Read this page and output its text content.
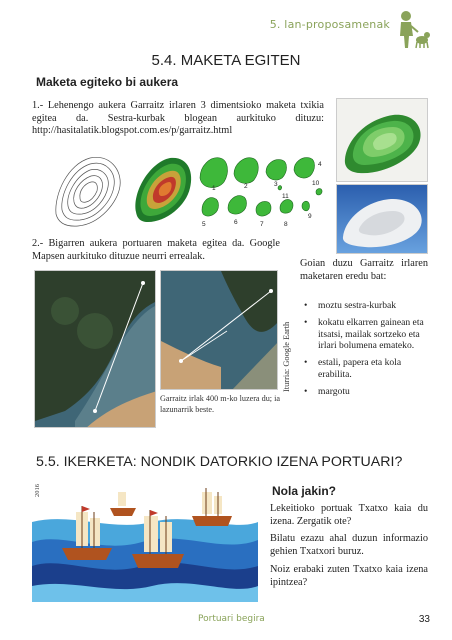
5. lan-proposamenak
5.4. MAKETA EGITEN
Maketa egiteko bi aukera
1.- Lehenengo aukera Garraitz irlaren 3 dimentsioko maketa txikia egitea da. Sestra-kurbak blogean aurkituko dituzu: http://hasitalatik.blogspot.com.es/p/garraitz.html
1	2	3
4
5	6	7	8
9
10
11
2.- Bigarren aukera portuaren maketa egitea da. Google Mapsen aurkituko dituzue neurri errealak.
Iturria: Google Earth
Garraitz irlak 400 m-ko luzera du; ia lazunarrik beste.
Goian duzu Garraitz irlaren maketaren eredu bat:
• moztu sestra-kurbak
• kokatu elkarren gainean eta itsatsi, mailak sortzeko eta irlari bolumena emateko.
• estali, papera eta kola erabilita.
• margotu
5.5. IKERKETA: NONDIK DATORKIO IZENA PORTUARI?
2016	Nola jakin?
Lekeitioko portuak Txatxo kaia du izena. Zergatik ote?
Bilatu ezazu ahal duzun informazio gehien Txatxori buruz.
Noiz erabaki zuten Txatxo kaia izena ipintzea?
Portuari begira	33
